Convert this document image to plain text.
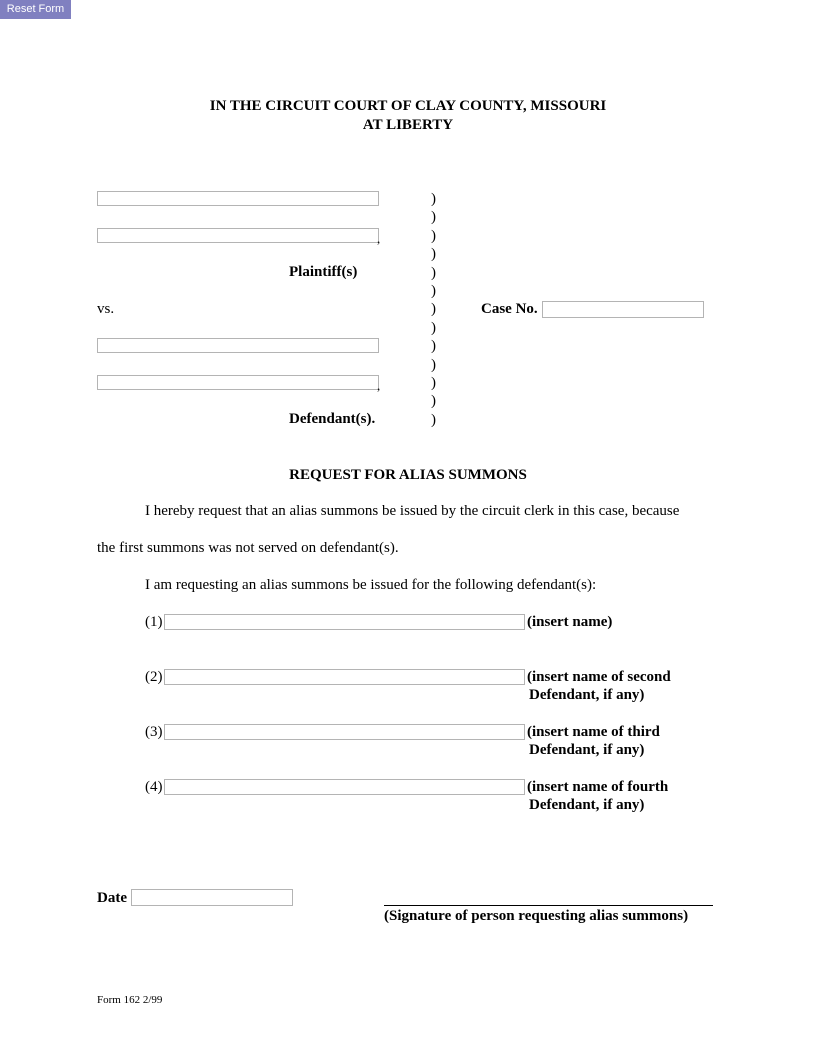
Reset Form
IN THE CIRCUIT COURT OF CLAY COUNTY, MISSOURI
AT LIBERTY
,
Plaintiff(s)
vs.	Case No.
,
Defendant(s).
)
)
)
)
)
)
)
)
)
)
)
)
)
REQUEST FOR ALIAS SUMMONS
I hereby request that an alias summons be issued by the circuit clerk in this case, because
the first summons was not served on defendant(s).
I am requesting an alias summons be issued for the following defendant(s):
(1)	(insert name)
(2)	(insert name of second
Defendant, if any)
(3)	(insert name of third
Defendant, if any)
(4)	(insert name of fourth
Defendant, if any)
Date
(Signature of person requesting alias summons)
Form 162 2/99
